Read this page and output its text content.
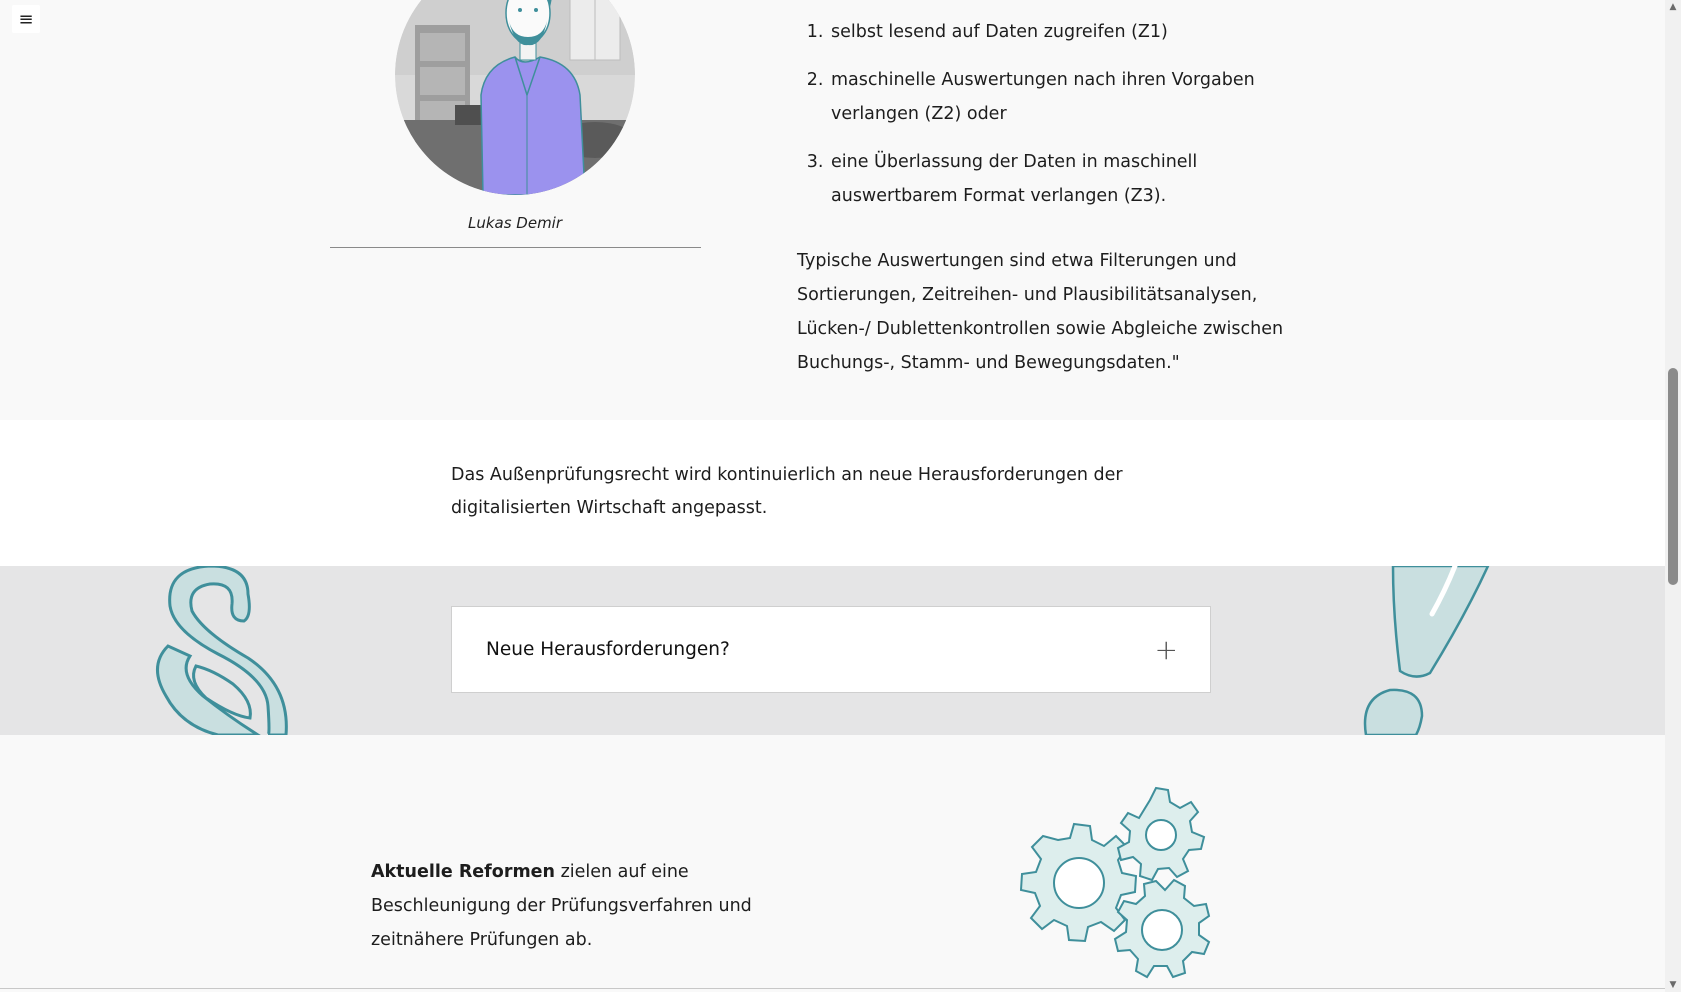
Lukas Demir
1. selbst lesend auf Daten zugreifen (Z1)
2. maschinelle Auswertungen nach ihren Vorgaben verlangen (Z2) oder
3. eine Überlassung der Daten in maschinell auswertbarem Format verlangen (Z3).

Typische Auswertungen sind etwa Filterungen und Sortierungen, Zeitreihen- und Plausibilitätsanalysen, Lücken-/ Dublettenkontrollen sowie Abgleiche zwischen Buchungs-, Stamm- und Bewegungsdaten."

Das Außenprüfungsrecht wird kontinuierlich an neue Herausforderungen der digitalisierten Wirtschaft angepasst.

Neue Herausforderungen?	+

Aktuelle Reformen zielen auf eine Beschleunigung der Prüfungsverfahren und zeitnähere Prüfungen ab.

≡
▲
▼
